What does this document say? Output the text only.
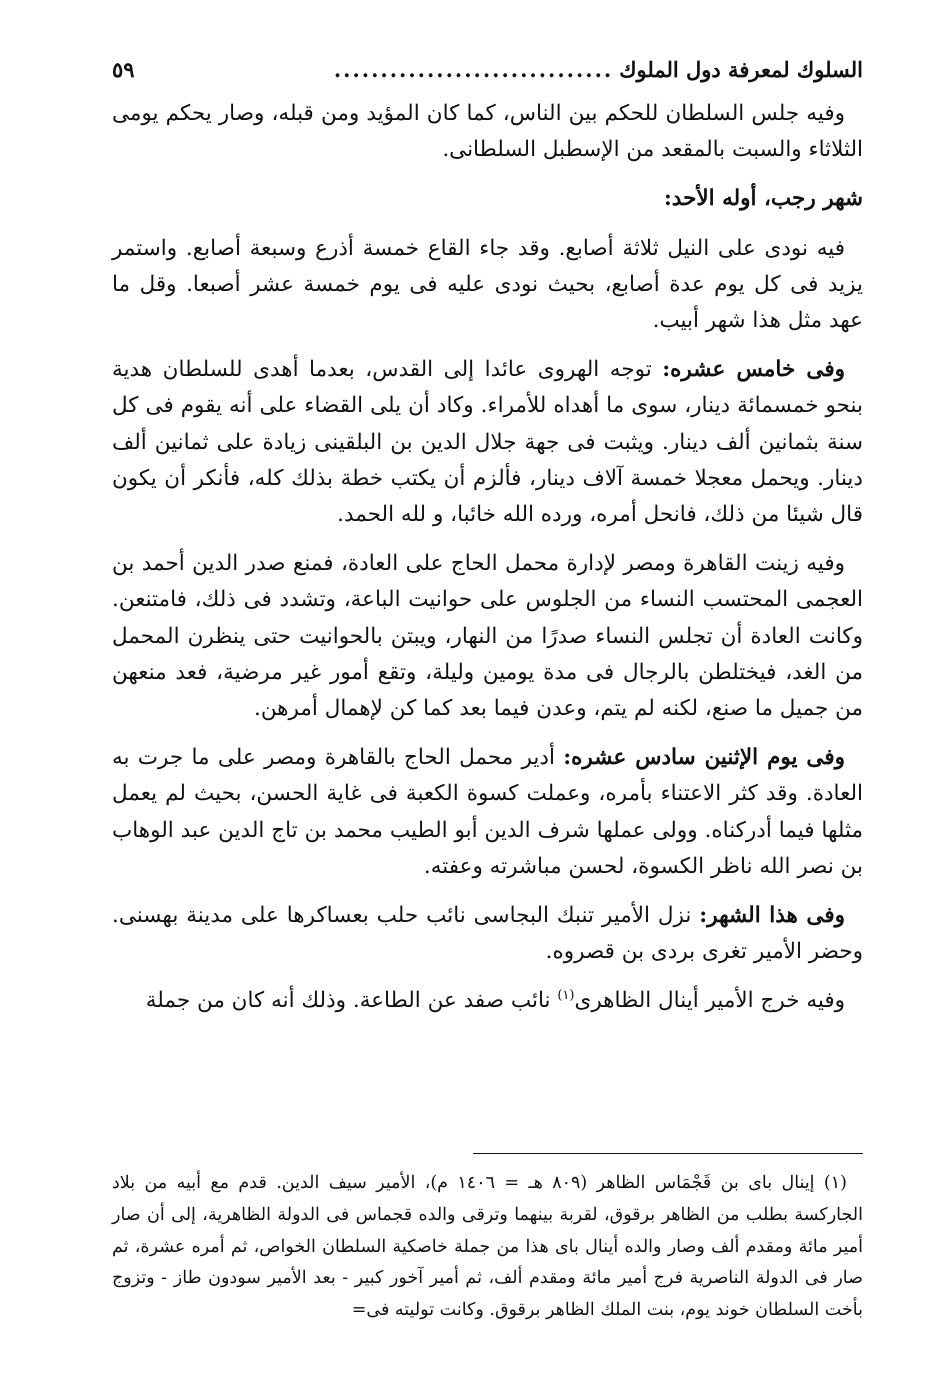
السلوك لمعرفة دول الملوك
..............................
٥٩

وفيه جلس السلطان للحكم بين الناس، كما كان المؤيد ومن قبله، وصار يحكم يومى الثلاثاء والسبت بالمقعد من الإسطبل السلطانى.

شهر رجب، أوله الأحد:

فيه نودى على النيل ثلاثة أصابع. وقد جاء القاع خمسة أذرع وسبعة أصابع. واستمر يزيد فى كل يوم عدة أصابع، بحيث نودى عليه فى يوم خمسة عشر أصبعا. وقل ما عهد مثل هذا شهر أبيب.

وفى خامس عشره: توجه الهروى عائدا إلى القدس، بعدما أهدى للسلطان هدية بنحو خمسمائة دينار، سوى ما أهداه للأمراء. وكاد أن يلى القضاء على أنه يقوم فى كل سنة بثمانين ألف دينار. ويثبت فى جهة جلال الدين بن البلقينى زيادة على ثمانين ألف دينار. ويحمل معجلا خمسة آلاف دينار، فألزم أن يكتب خطة بذلك كله، فأنكر أن يكون قال شيئا من ذلك، فانحل أمره، ورده الله خائبا، و لله الحمد.

وفيه زينت القاهرة ومصر لإدارة محمل الحاج على العادة، فمنع صدر الدين أحمد بن العجمى المحتسب النساء من الجلوس على حوانيت الباعة، وتشدد فى ذلك، فامتنعن. وكانت العادة أن تجلس النساء صدرًا من النهار، ويبتن بالحوانيت حتى ينظرن المحمل من الغد، فيختلطن بالرجال فى مدة يومين وليلة، وتقع أمور غير مرضية، فعد منعهن من جميل ما صنع، لكنه لم يتم، وعدن فيما بعد كما كن لإهمال أمرهن.

وفى يوم الإثنين سادس عشره: أدير محمل الحاج بالقاهرة ومصر على ما جرت به العادة. وقد كثر الاعتناء بأمره، وعملت كسوة الكعبة فى غاية الحسن، بحيث لم يعمل مثلها فيما أدركناه. وولى عملها شرف الدين أبو الطيب محمد بن تاج الدين عبد الوهاب بن نصر الله ناظر الكسوة، لحسن مباشرته وعفته.

وفى هذا الشهر: نزل الأمير تنبك البجاسى نائب حلب بعساكرها على مدينة بهسنى. وحضر الأمير تغرى بردى بن قصروه.

وفيه خرج الأمير أينال الظاهرى$^{(١)}$ نائب صفد عن الطاعة. وذلك أنه كان من جملة

(١) إينال باى بن قَجْمَاس الظاهر (٨٠٩ هـ = ١٤٠٦ م)، الأمير سيف الدين. قدم مع أبيه من بلاد الجاركسة بطلب من الظاهر برقوق، لقربة بينهما وترقى والده قجماس فى الدولة الظاهرية، إلى أن صار أمير مائة ومقدم ألف وصار والده أينال باى هذا من جملة خاصكية السلطان الخواص، ثم أمره عشرة، ثم صار فى الدولة الناصرية فرج أمير مائة ومقدم ألف، ثم أمير آخور كبير - بعد الأمير سودون طاز - وتزوج بأخت السلطان خوند يوم، بنت الملك الظاهر برقوق. وكانت توليته فى=
